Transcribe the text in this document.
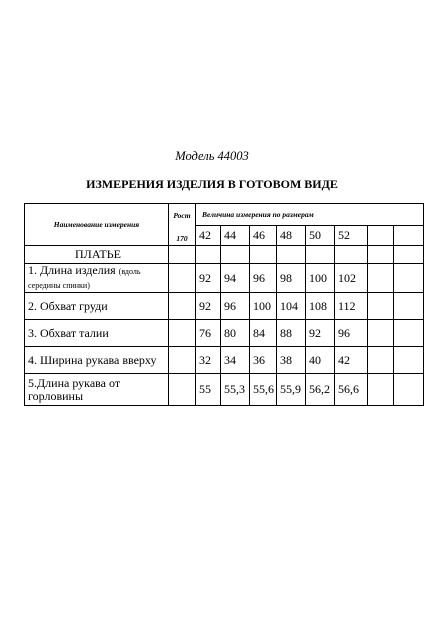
Модель 44003
ИЗМЕРЕНИЯ ИЗДЕЛИЯ В ГОТОВОМ ВИДЕ
Наименование измерения	Рост
170	Величина измерения по размерам							
		42	44	46	48	50	52		
ПЛАТЬЕ									
1. Длина изделия (вдоль середины спинки)		92	94	96	98	100	102		
2. Обхват груди		92	96	100	104	108	112		
3. Обхват талии		76	80	84	88	92	96		
4. Ширина рукава вверху		32	34	36	38	40	42		
5.Длина рукава от горловины		55	55,3	55,6	55,9	56,2	56,6		
